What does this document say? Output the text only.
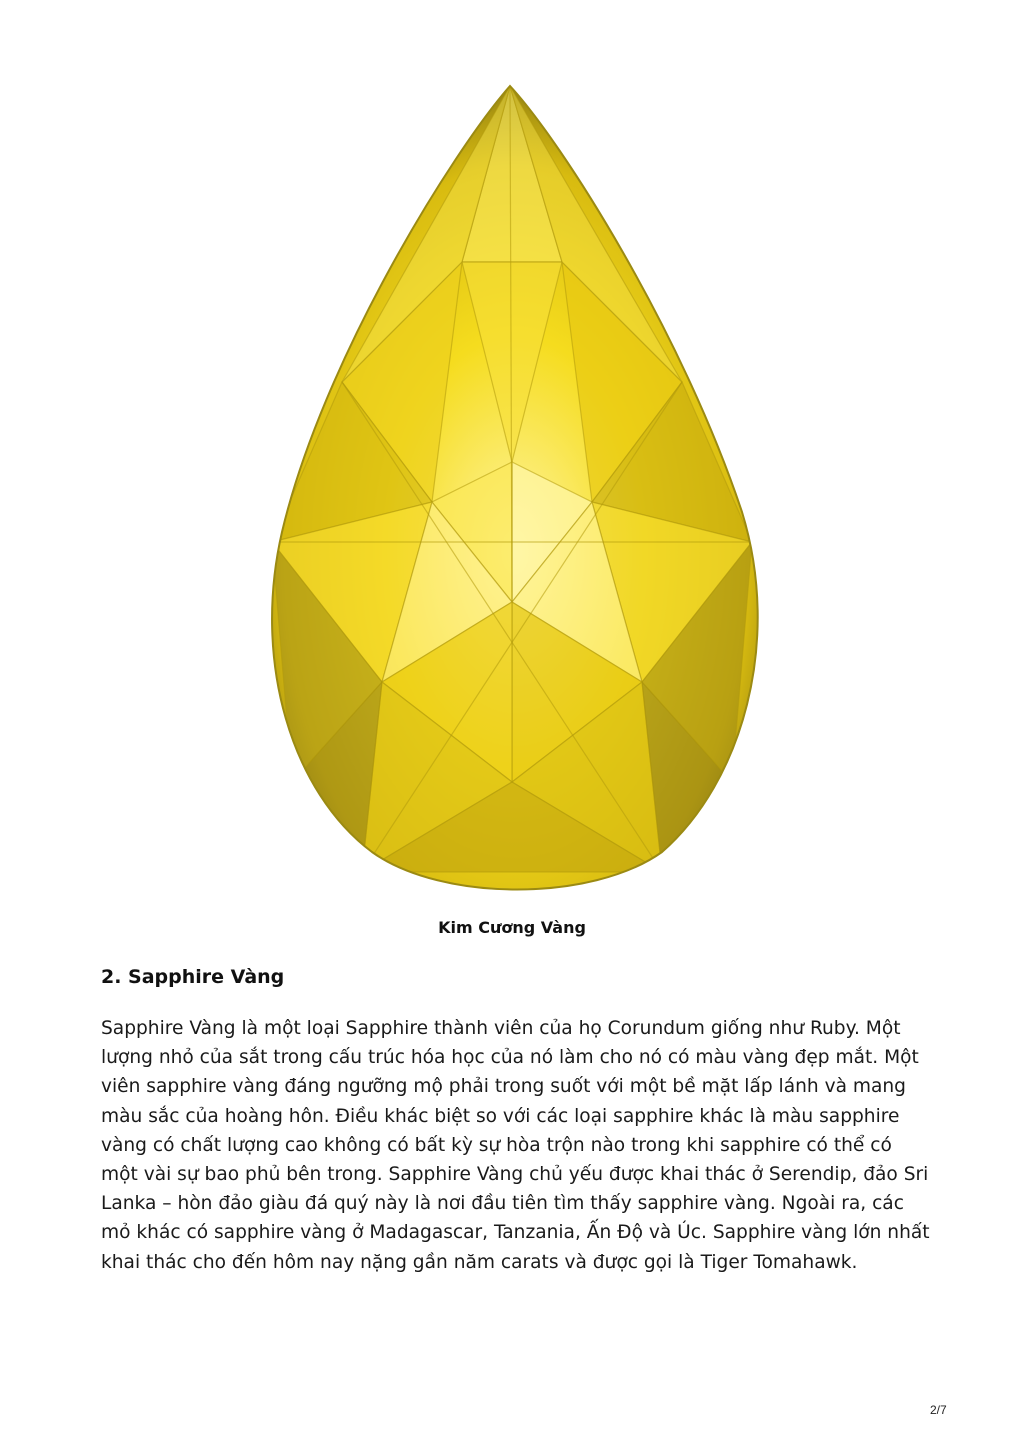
Kim Cương Vàng
2. Sapphire Vàng

Sapphire Vàng là một loại Sapphire thành viên của họ Corundum giống như Ruby. Một lượng nhỏ của sắt trong cấu trúc hóa học của nó làm cho nó có màu vàng đẹp mắt. Một viên sapphire vàng đáng ngưỡng mộ phải trong suốt với một bề mặt lấp lánh và mang màu sắc của hoàng hôn. Điều khác biệt so với các loại sapphire khác là màu sapphire vàng có chất lượng cao không có bất kỳ sự hòa trộn nào trong khi sapphire có thể có một vài sự bao phủ bên trong. Sapphire Vàng chủ yếu được khai thác ở Serendip, đảo Sri Lanka – hòn đảo giàu đá quý này là nơi đầu tiên tìm thấy sapphire vàng. Ngoài ra, các mỏ khác có sapphire vàng ở Madagascar, Tanzania, Ấn Độ và Úc. Sapphire vàng lớn nhất khai thác cho đến hôm nay nặng gần năm carats và được gọi là Tiger Tomahawk.

2/7
